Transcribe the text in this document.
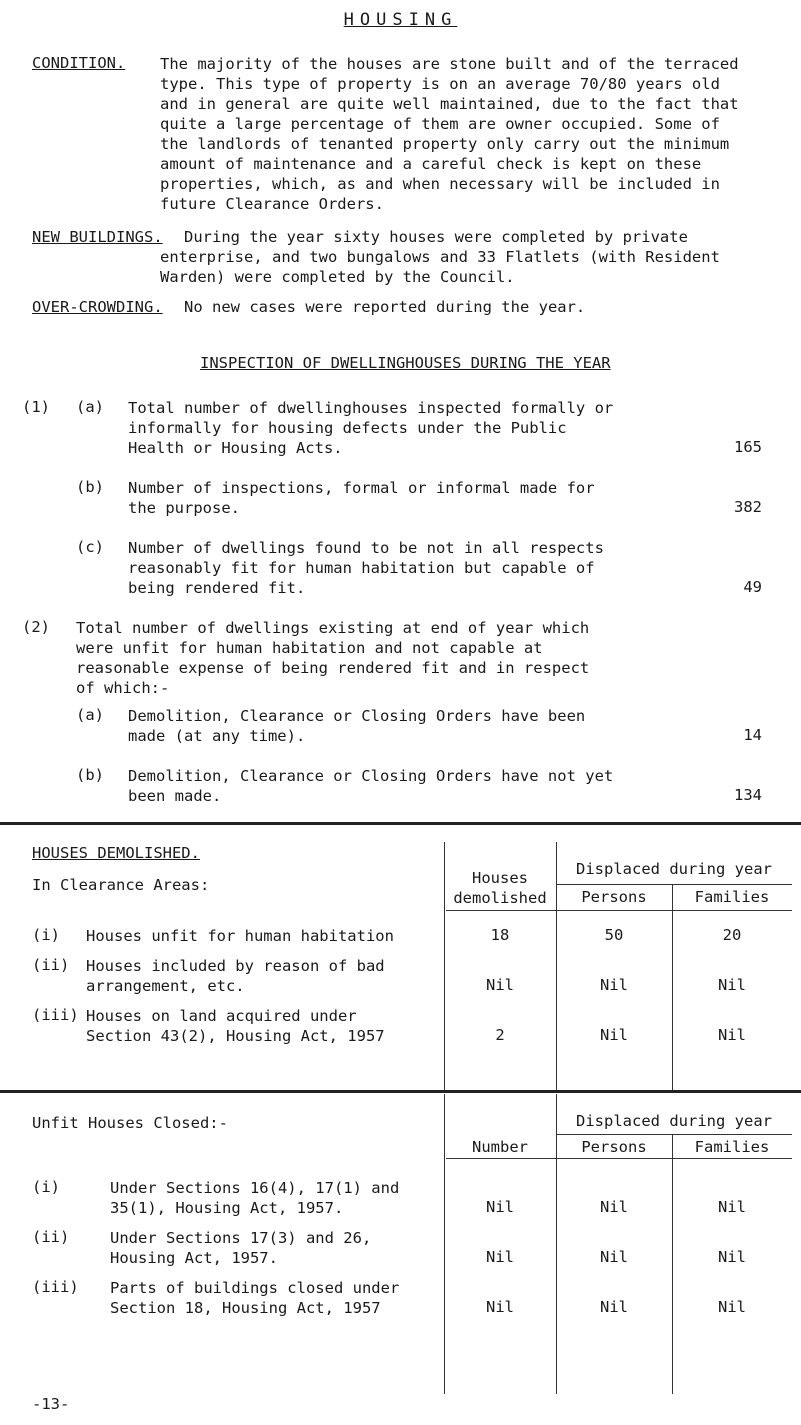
HOUSING
CONDITION. The majority of the houses are stone built and of the terraced
type. This type of property is on an average 70/80 years old
and in general are quite well maintained, due to the fact that
quite a large percentage of them are owner occupied. Some of
the landlords of tenanted property only carry out the minimum
amount of maintenance and a careful check is kept on these
properties, which, as and when necessary will be included in
future Clearance Orders.
NEW BUILDINGS. During the year sixty houses were completed by private
enterprise, and two bungalows and 33 Flatlets (with Resident
Warden) were completed by the Council.
OVER-CROWDING. No new cases were reported during the year.
INSPECTION OF DWELLINGHOUSES DURING THE YEAR
(1) (a) Total number of dwellinghouses inspected formally or
informally for housing defects under the Public
Health or Housing Acts.	165
(b) Number of inspections, formal or informal made for
the purpose.	382
(c) Number of dwellings found to be not in all respects
reasonably fit for human habitation but capable of
being rendered fit.	49
(2) Total number of dwellings existing at end of year which
were unfit for human habitation and not capable at
reasonable expense of being rendered fit and in respect
of which:-
(a) Demolition, Clearance or Closing Orders have been
made (at any time).	14
(b) Demolition, Clearance or Closing Orders have not yet
been made.	134
HOUSES DEMOLISHED.
In Clearance Areas:
Displaced during year
Houses
demolished	Persons	Families
(i) Houses unfit for human habitation	18	50	20
(ii) Houses included by reason of bad
arrangement, etc.	Nil	Nil	Nil
(iii) Houses on land acquired under
Section 43(2), Housing Act, 1957	2	Nil	Nil
Unfit Houses Closed:-	Displaced during year
Number	Persons	Families
(i)	Under Sections 16(4), 17(1) and
35(1), Housing Act, 1957.	Nil	Nil	Nil
(ii)	Under Sections 17(3) and 26,
Housing Act, 1957.	Nil	Nil	Nil
(iii) Parts of buildings closed under
Section 18, Housing Act, 1957	Nil	Nil	Nil
-13-
